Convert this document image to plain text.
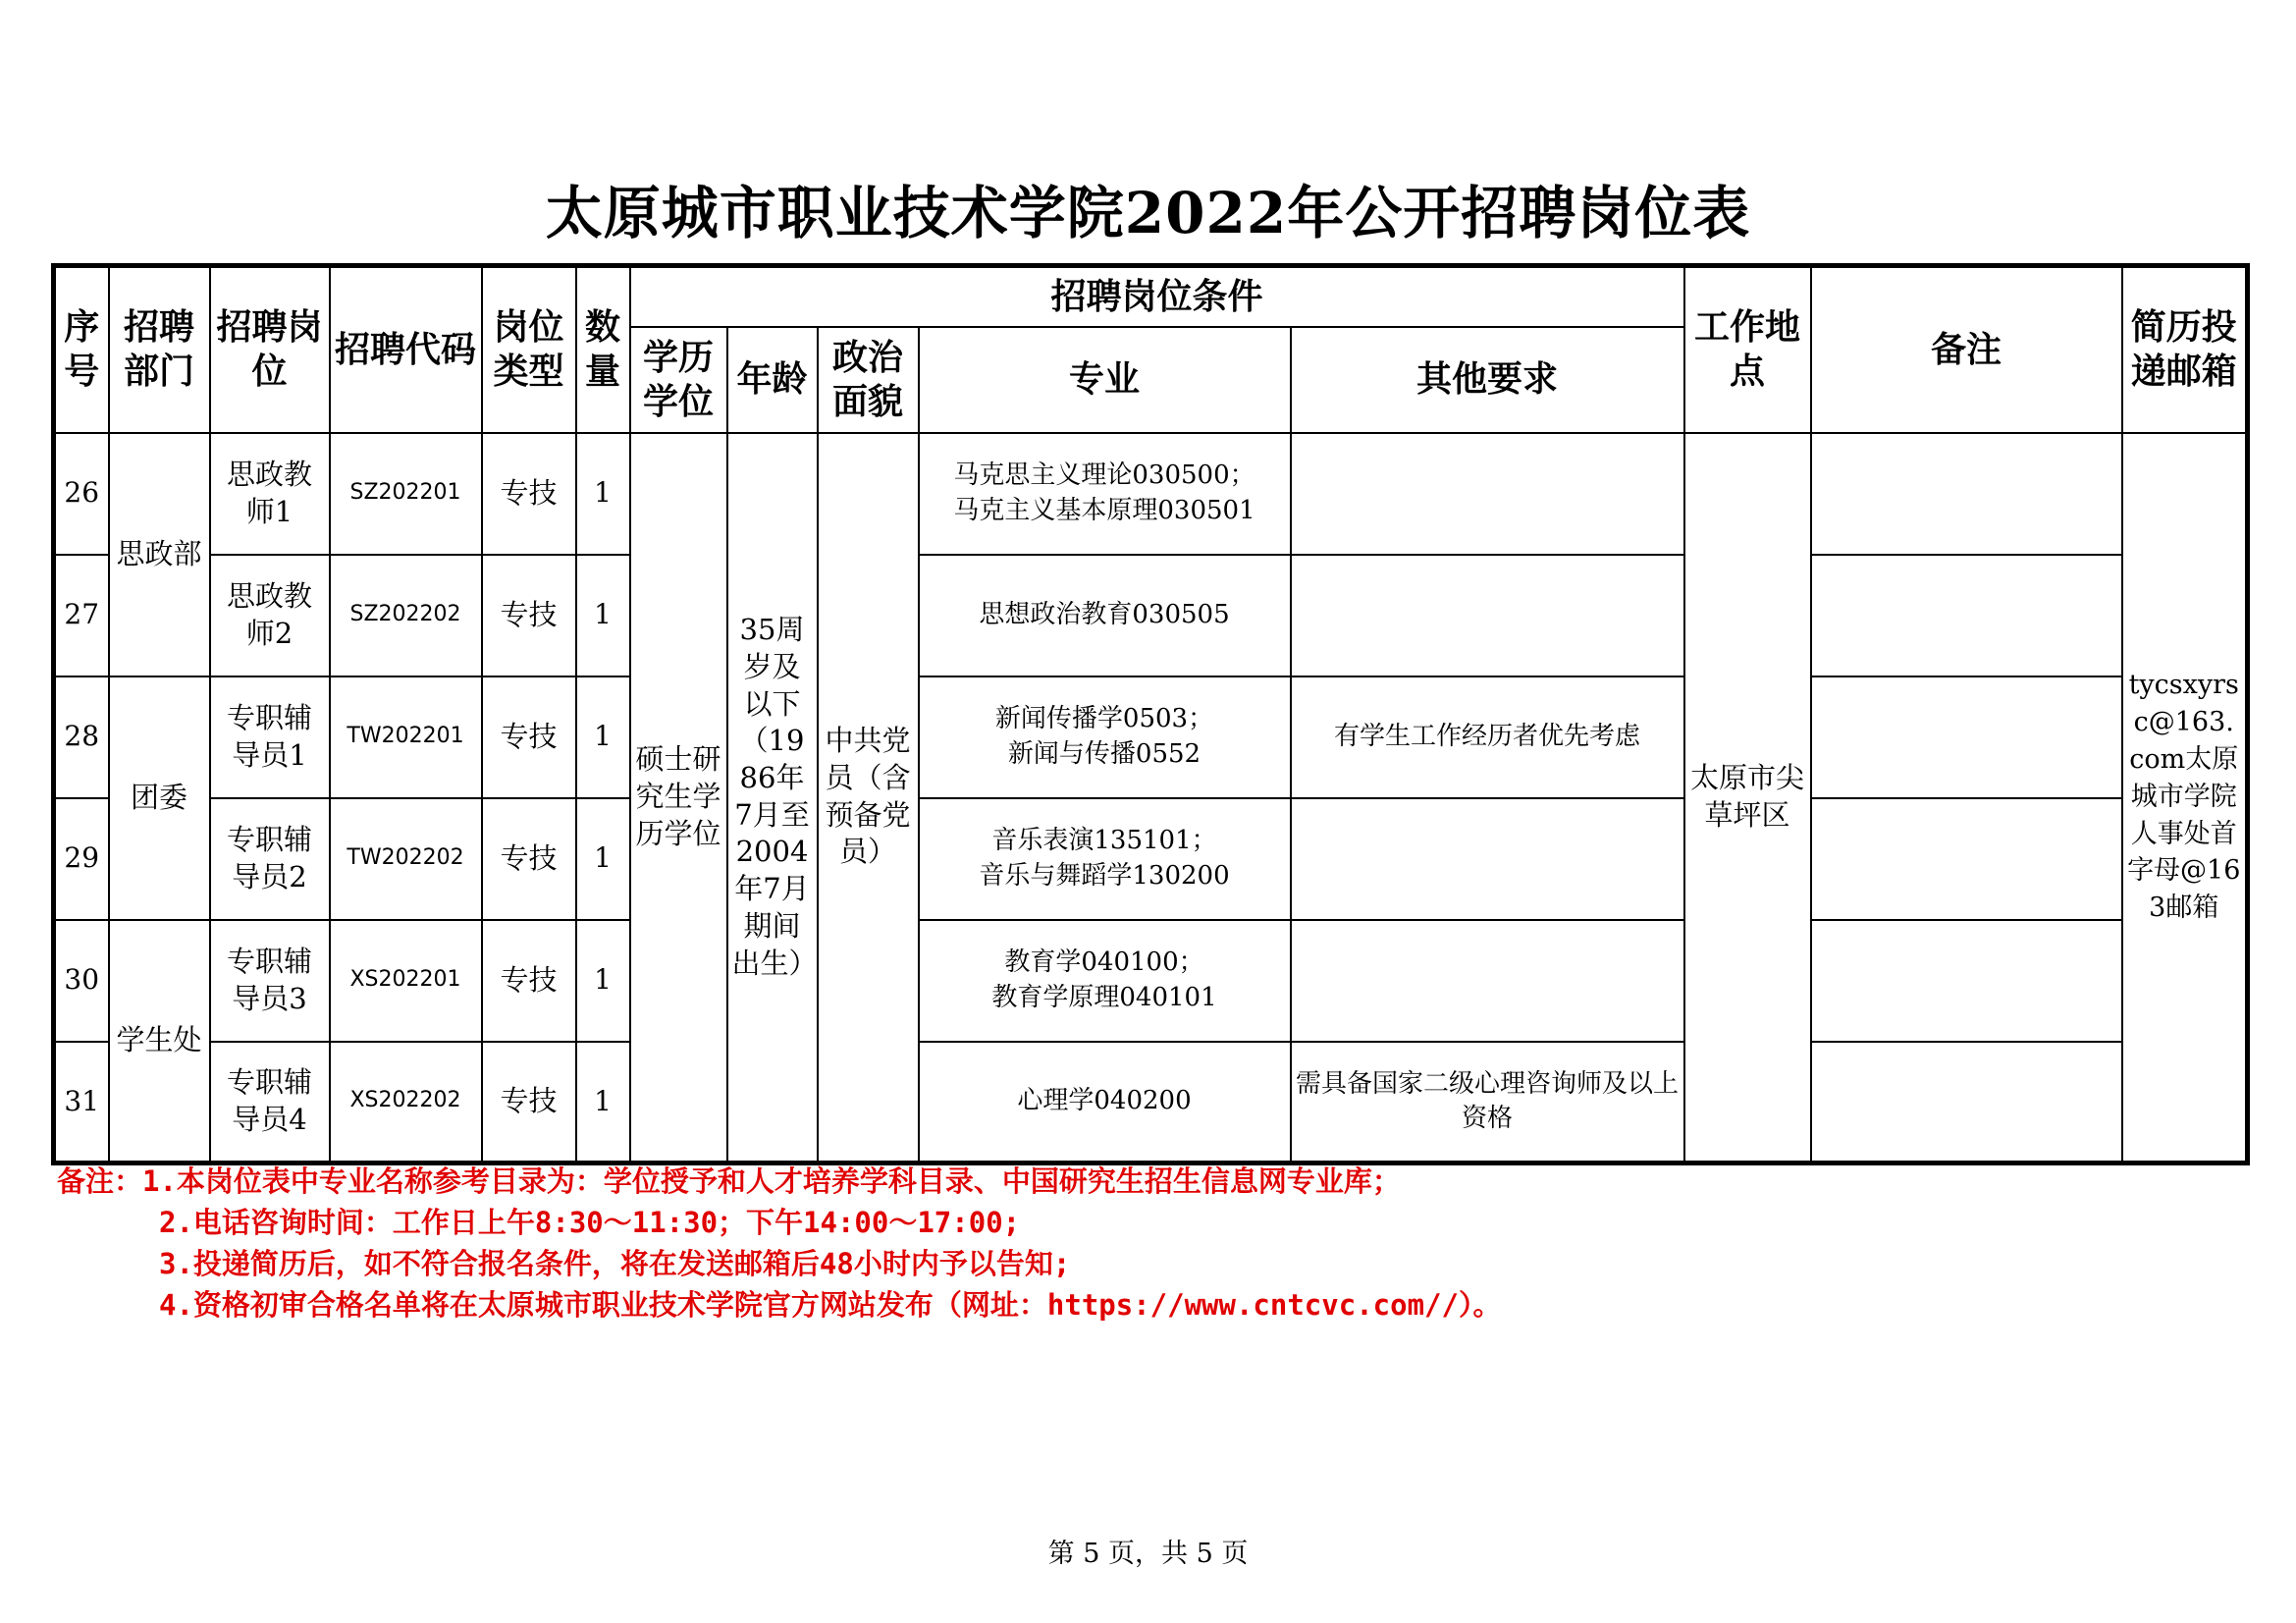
太原城市职业技术学院2022年公开招聘岗位表
序号	招聘部门	招聘岗位	招聘代码	岗位类型	数量	招聘岗位条件					工作地点	备注	简历投递邮箱
						学历学位	年龄	政治面貌	专业	其他要求			
26	思政部	思政教师1	SZ202201	专技	1	硕士研究生学历学位	35周岁及以下（1986年7月至2004年7月期间出生）	中共党员（含预备党员）	马克思主义理论030500；
马克主义基本原理030501		太原市尖草坪区		tycsxyrsc@163.com太原城市学院人事处首字母@163邮箱
27		思政教师2	SZ202202	专技	1				思想政治教育030505				
28	团委	专职辅导员1	TW202201	专技	1				新闻传播学0503；
新闻与传播0552	有学生工作经历者优先考虑			
29		专职辅导员2	TW202202	专技	1				音乐表演135101；
音乐与舞蹈学130200				
30	学生处	专职辅导员3	XS202201	专技	1				教育学040100；
教育学原理040101				
31		专职辅导员4	XS202202	专技	1				心理学040200	需具备国家二级心理咨询师及以上资格			
备注：1.本岗位表中专业名称参考目录为：学位授予和人才培养学科目录、中国研究生招生信息网专业库；
2.电话咨询时间：工作日上午8:30～11:30；下午14:00～17:00;
3.投递简历后，如不符合报名条件，将在发送邮箱后48小时内予以告知;
4.资格初审合格名单将在太原城市职业技术学院官方网站发布（网址：https://www.cntcvc.com//）。
第 5 页，共 5 页
